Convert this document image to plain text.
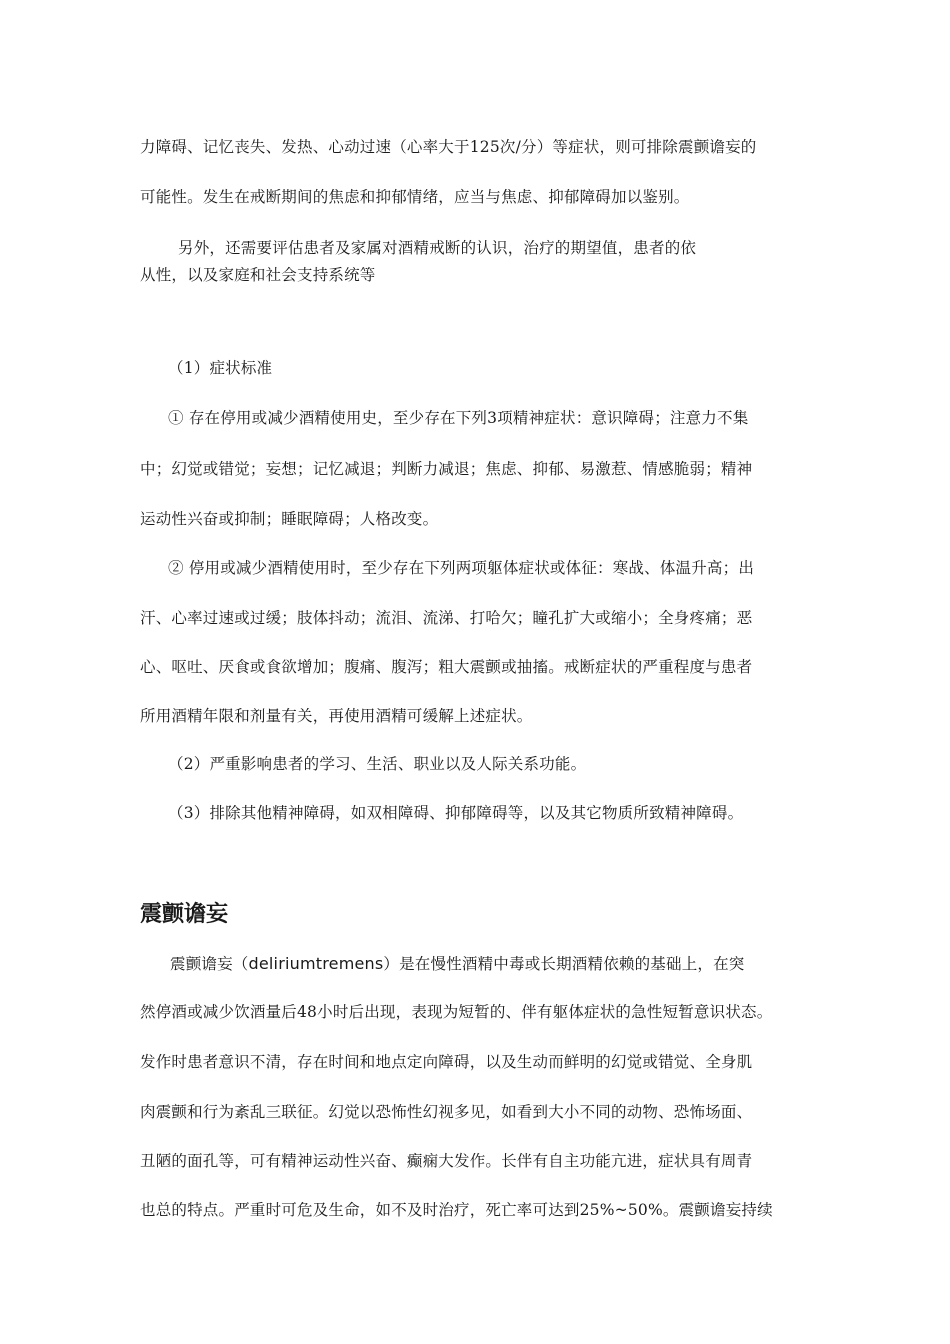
力障碍、记忆丧失、发热、心动过速（心率大于125次/分）等症状，则可排除震颤谵妄的
可能性。发生在戒断期间的焦虑和抑郁情绪，应当与焦虑、抑郁障碍加以鉴别。
另外，还需要评估患者及家属对酒精戒断的认识，治疗的期望值，患者的依
从性，以及家庭和社会支持系统等
（1）症状标准
① 存在停用或减少酒精使用史，至少存在下列3项精神症状：意识障碍；注意力不集
中；幻觉或错觉；妄想；记忆减退；判断力减退；焦虑、抑郁、易激惹、情感脆弱；精神
运动性兴奋或抑制；睡眠障碍；人格改变。
② 停用或减少酒精使用时，至少存在下列两项躯体症状或体征：寒战、体温升高；出
汗、心率过速或过缓；肢体抖动；流泪、流涕、打哈欠；瞳孔扩大或缩小；全身疼痛；恶
心、呕吐、厌食或食欲增加；腹痛、腹泻；粗大震颤或抽搐。戒断症状的严重程度与患者
所用酒精年限和剂量有关，再使用酒精可缓解上述症状。
（2）严重影响患者的学习、生活、职业以及人际关系功能。
（3）排除其他精神障碍，如双相障碍、抑郁障碍等，以及其它物质所致精神障碍。
震颤谵妄
震颤谵妄（deliriumtremens）是在慢性酒精中毒或长期酒精依赖的基础上，在突
然停酒或减少饮酒量后48小时后出现，表现为短暂的、伴有躯体症状的急性短暂意识状态。
发作时患者意识不清，存在时间和地点定向障碍，以及生动而鲜明的幻觉或错觉、全身肌
肉震颤和行为紊乱三联征。幻觉以恐怖性幻视多见，如看到大小不同的动物、恐怖场面、
丑陋的面孔等，可有精神运动性兴奋、癫痫大发作。长伴有自主功能亢进，症状具有周青
也总的特点。严重时可危及生命，如不及时治疗，死亡率可达到25%~50%。震颤谵妄持续
